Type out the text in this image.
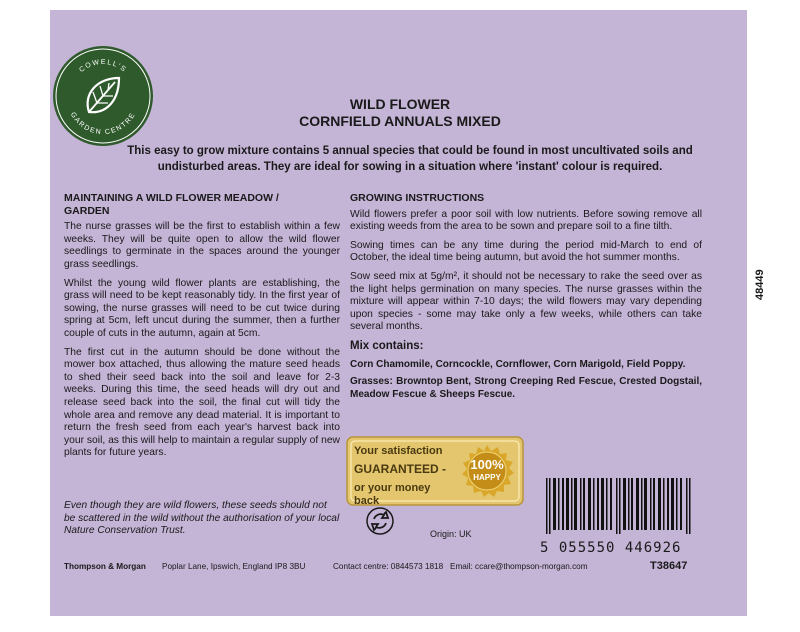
COWELL'S
GARDEN CENTRE
WILD FLOWER
CORNFIELD ANNUALS MIXED
This easy to grow mixture contains 5 annual species that could be found in most uncultivated soils and
undisturbed areas. They are ideal for sowing in a situation where 'instant' colour is required.
MAINTAINING A WILD FLOWER MEADOW /
GARDEN

The nurse grasses will be the first to establish within a few weeks. They will be quite open to allow the wild flower seedlings to germinate in the spaces around the younger grass seedlings.

Whilst the young wild flower plants are establishing, the grass will need to be kept reasonably tidy. In the first year of sowing, the nurse grasses will need to be cut twice during spring at 5cm, left uncut during the summer, then a further couple of cuts in the autumn, again at 5cm.

The first cut in the autumn should be done without the mower box attached, thus allowing the mature seed heads to shed their seed back into the soil and leave for 2-3 weeks. During this time, the seed heads will dry out and release seed back into the soil, the final cut will tidy the whole area and remove any dead material. It is important to return the fresh seed from each year's harvest back into your soil, as this will help to maintain a regular supply of new plants for future years.

Even though they are wild flowers, these seeds should not be scattered in the wild without the authorisation of your local Nature Conservation Trust.
GROWING INSTRUCTIONS

Wild flowers prefer a poor soil with low nutrients. Before sowing remove all existing weeds from the area to be sown and prepare soil to a fine tilth.

Sowing times can be any time during the period mid-March to end of October, the ideal time being autumn, but avoid the hot summer months.

Sow seed mix at 5g/m², it should not be necessary to rake the seed over as the light helps germination on many species. The nurse grasses within the mixture will appear within 7-10 days; the wild flowers may vary depending upon species - some may take only a few weeks, while others can take several months.

Mix contains:
Corn Chamomile, Corncockle, Cornflower, Corn Marigold, Field Poppy.
Grasses: Browntop Bent, Strong Creeping Red Fescue, Crested Dogstail, Meadow Fescue & Sheeps Fescue.
Your satisfaction
GUARANTEED -
or your money back
100%
HAPPY
Origin: UK
5 055550 446926
48449
Thompson & Morgan Poplar Lane, Ipswich, England IP8 3BU	Contact centre: 0844573 1818 Email: ccare@thompson-morgan.com	T38647
